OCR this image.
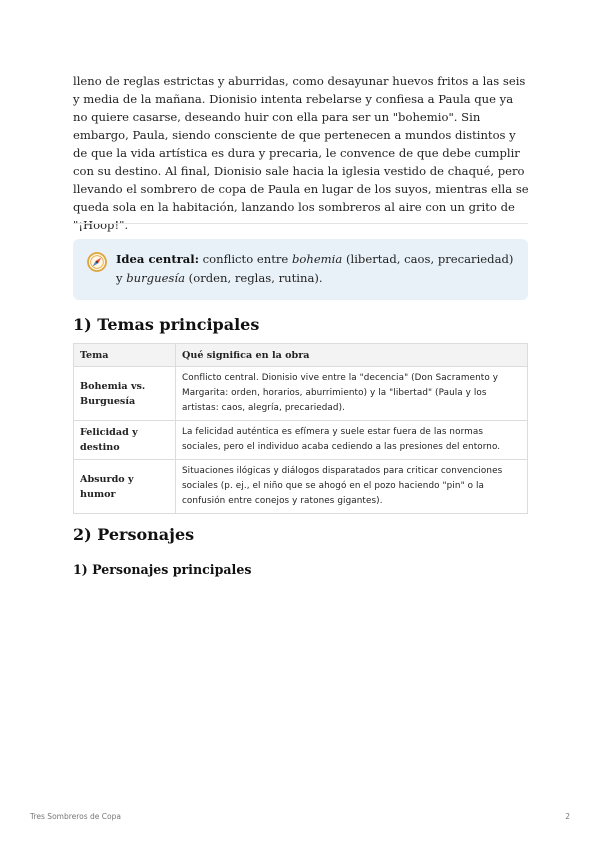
lleno de reglas estrictas y aburridas, como desayunar huevos fritos a las seis y media de la mañana. Dionisio intenta rebelarse y confiesa a Paula que ya no quiere casarse, deseando huir con ella para ser un "bohemio". Sin embargo, Paula, siendo consciente de que pertenecen a mundos distintos y de que la vida artística es dura y precaria, le convence de que debe cumplir con su destino. Al final, Dionisio sale hacia la iglesia vestido de chaqué, pero llevando el sombrero de copa de Paula en lugar de los suyos, mientras ella se queda sola en la habitación, lanzando los sombreros al aire con un grito de "¡Hoop!".

Idea central: conflicto entre bohemia (libertad, caos, precariedad) y burguesía (orden, reglas, rutina).

1) Temas principales
Tema	Qué significa en la obra
Bohemia vs. Burguesía	Conflicto central. Dionisio vive entre la "decencia" (Don Sacramento y Margarita: orden, horarios, aburrimiento) y la "libertad" (Paula y los artistas: caos, alegría, precariedad).
Felicidad y destino	La felicidad auténtica es efímera y suele estar fuera de las normas sociales, pero el individuo acaba cediendo a las presiones del entorno.
Absurdo y humor	Situaciones ilógicas y diálogos disparatados para criticar convenciones sociales (p. ej., el niño que se ahogó en el pozo haciendo "pin" o la confusión entre conejos y ratones gigantes).
2) Personajes
1) Personajes principales
Tres Sombreros de Copa	2
